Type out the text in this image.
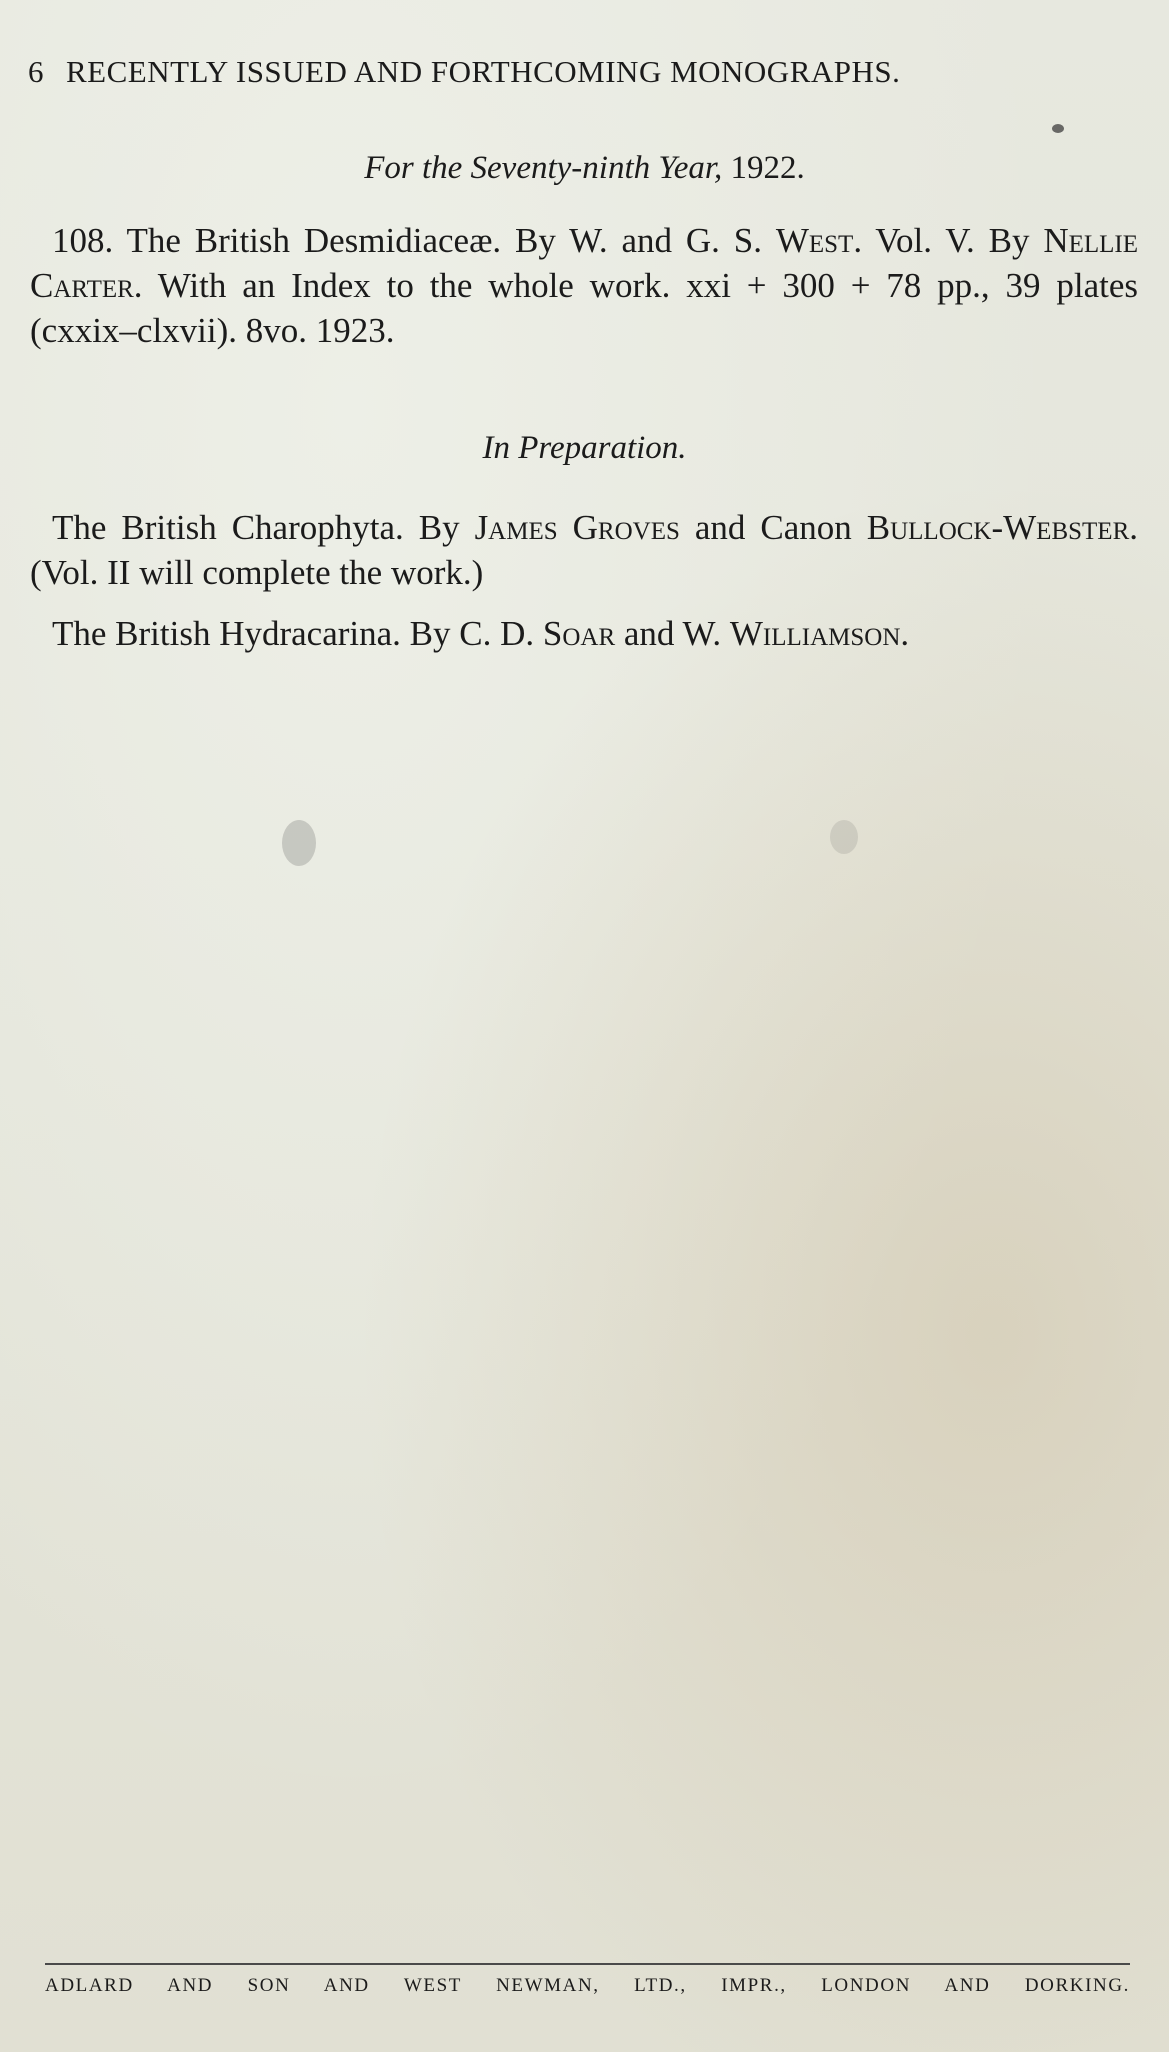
6 RECENTLY ISSUED AND FORTHCOMING MONOGRAPHS.
For the Seventy-ninth Year, 1922.

108. The British Desmidiaceæ. By W. and G. S. West. Vol. V. By Nellie Carter. With an Index to the whole work. xxi + 300 + 78 pp., 39 plates (cxxix–clxvii). 8vo. 1923.

In Preparation.

The British Charophyta. By James Groves and Canon Bullock-Webster. (Vol. II will complete the work.)

The British Hydracarina. By C. D. Soar and W. Williamson.

ADLARD AND SON AND WEST NEWMAN, LTD., IMPR., LONDON AND DORKING.
